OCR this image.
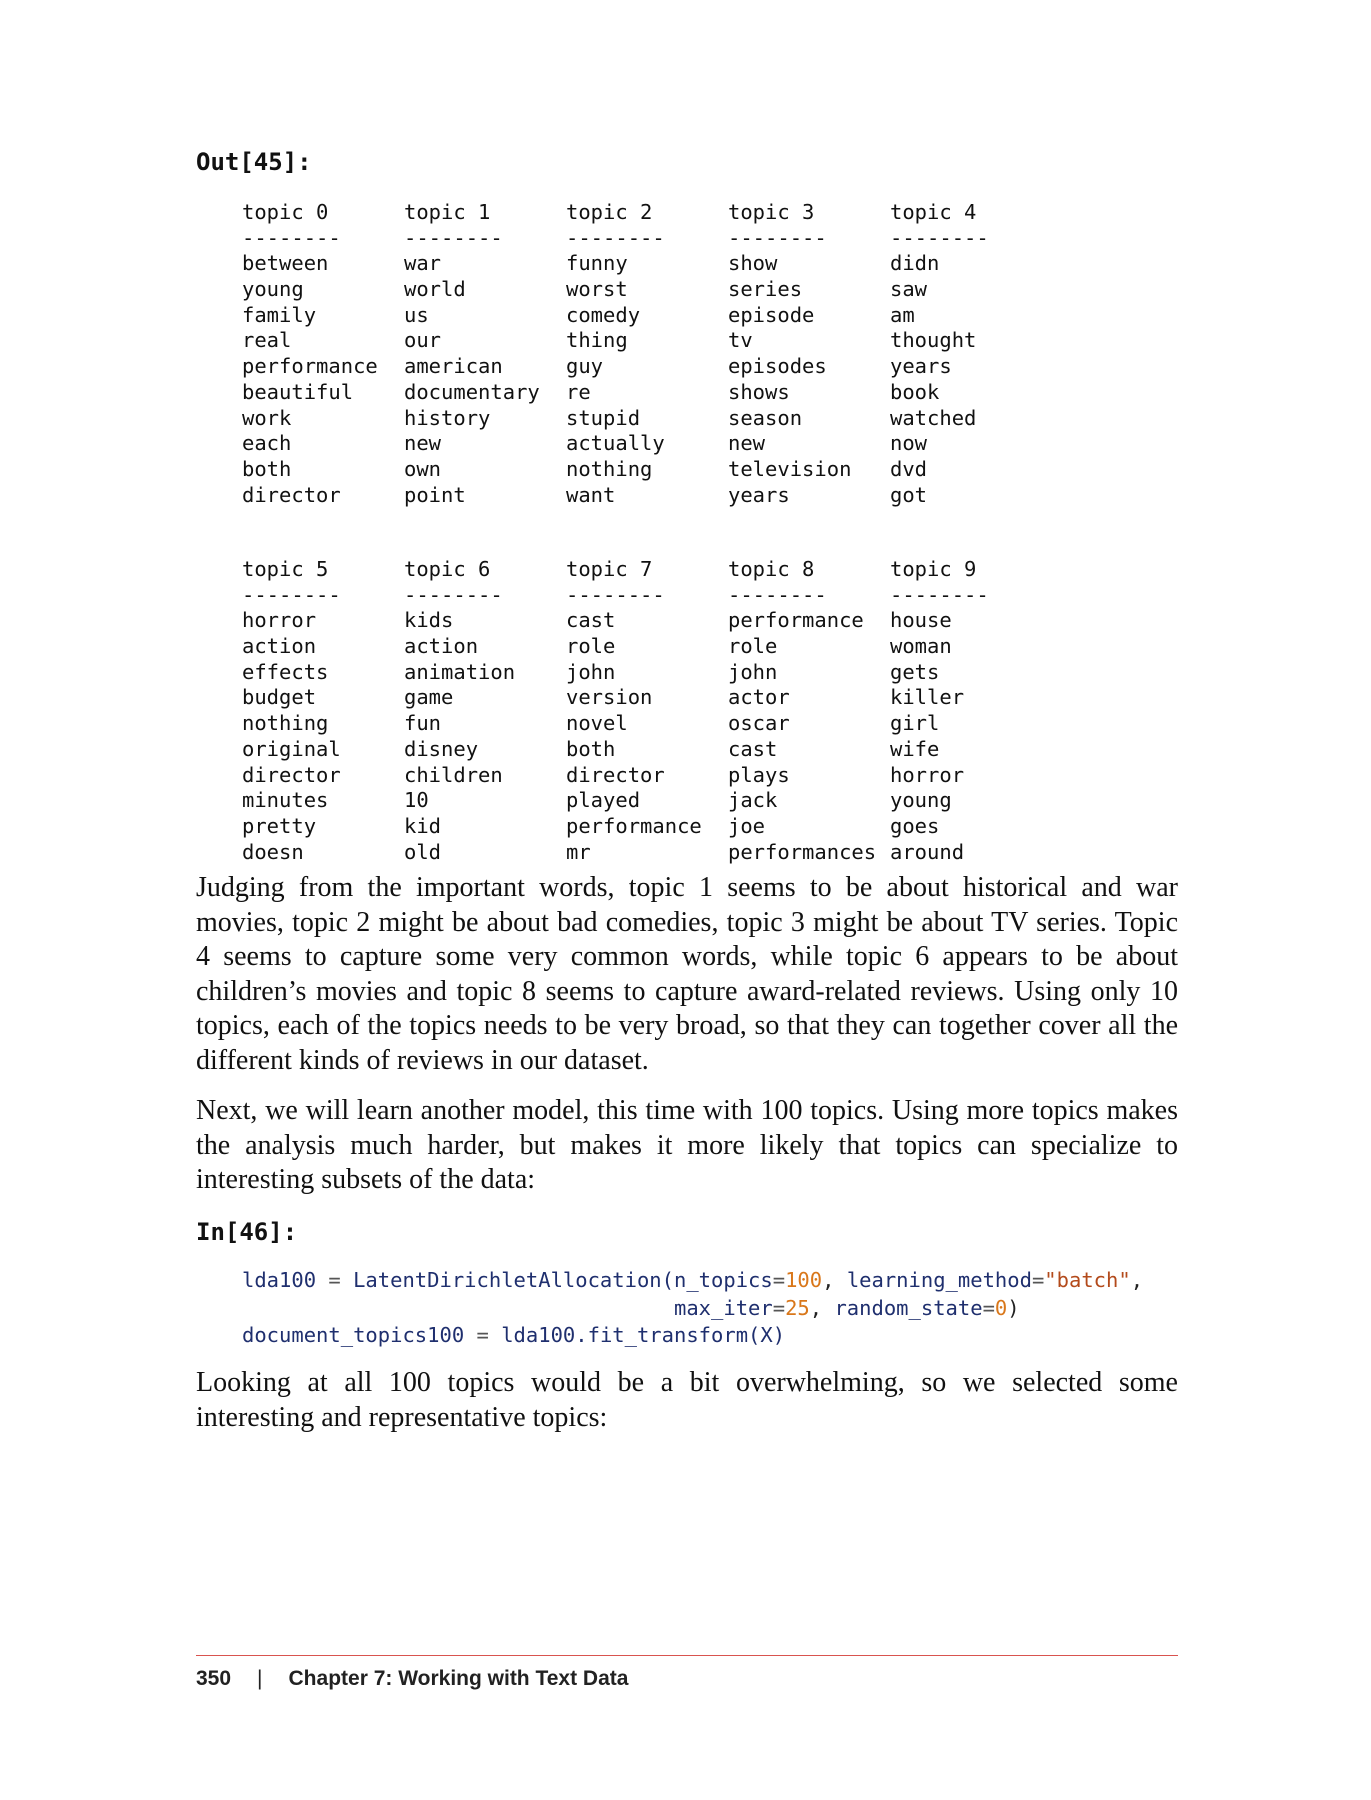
Out[45]:
topic 0
--------
between
young
family
real
performance
beautiful
work
each
both
director
topic 1
--------
war
world
us
our
american
documentary
history
new
own
point
topic 2
--------
funny
worst
comedy
thing
guy
re
stupid
actually
nothing
want
topic 3
--------
show
series
episode
tv
episodes
shows
season
new
television
years
topic 4
--------
didn
saw
am
thought
years
book
watched
now
dvd
got
topic 5
--------
horror
action
effects
budget
nothing
original
director
minutes
pretty
doesn
topic 6
--------
kids
action
animation
game
fun
disney
children
10
kid
old
topic 7
--------
cast
role
john
version
novel
both
director
played
performance
mr
topic 8
--------
performance
role
john
actor
oscar
cast
plays
jack
joe
performances
topic 9
--------
house
woman
gets
killer
girl
wife
horror
young
goes
around

Judging from the important words, topic 1 seems to be about historical and war movies, topic 2 might be about bad comedies, topic 3 might be about TV series. Topic 4 seems to capture some very common words, while topic 6 appears to be about children’s movies and topic 8 seems to capture award-related reviews. Using only 10 topics, each of the topics needs to be very broad, so that they can together cover all the different kinds of reviews in our dataset.

Next, we will learn another model, this time with 100 topics. Using more topics makes the analysis much harder, but makes it more likely that topics can specialize to interesting subsets of the data:

In[46]:
lda100 = LatentDirichletAllocation(n_topics=100, learning_method="batch",
max_iter=25, random_state=0)
document_topics100 = lda100.fit_transform(X)

Looking at all 100 topics would be a bit overwhelming, so we selected some interesting and representative topics:

350 | Chapter 7: Working with Text Data
